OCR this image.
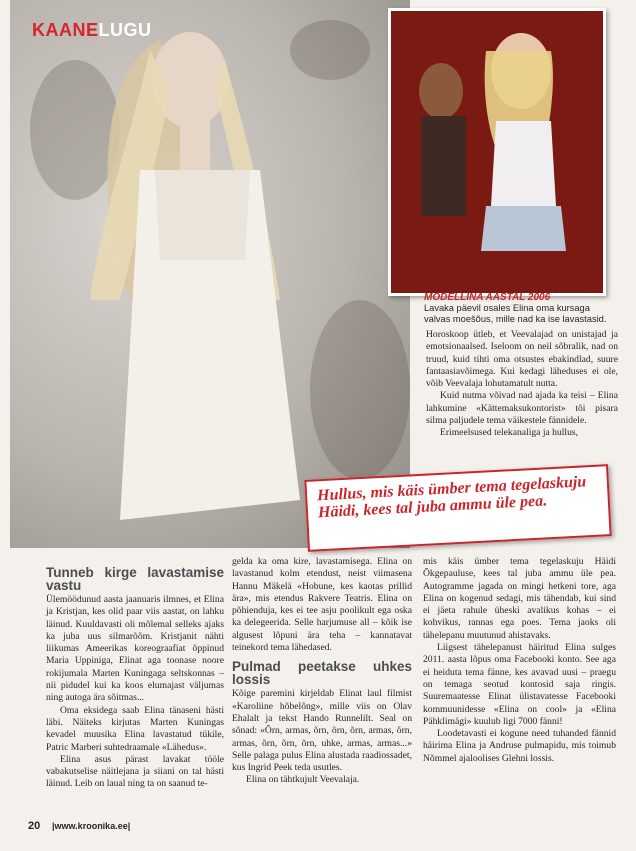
KAANELUGU
MODELLINA AASTAL 2006
Lavaka päevil osales Elina oma kursaga valvas moešõus, mille nad ka ise lavastasid.

Horoskoop ütleb, et Veevalajad on unistajad ja emotsionaalsed. Iseloom on neil sõbralik, nad on truud, kuid tihti oma otsustes ebakindlad, suure fantaasiavõimega. Kui kedagi läheduses ei ole, võib Veevalaja lohutamatult nutta.

Kuid nutma võivad nad ajada ka teisi – Elina lahkumine «Kättemaksukontorist» tõi pisara silma paljudele tema väikestele fännidele.

Erimeelsused telekanaliga ja hullus,

Hullus, mis käis ümber tema tegelaskuju Häidi, kees tal juba ammu üle pea.
Tunneb kirge lavastamise vastu

Ülemöödunud aasta jaanuaris ilmnes, et Elina ja Kristjan, kes olid paar viis aastat, on lahku läinud. Kuuldavasti oli mõlemal selleks ajaks ka juba uus silmarõõm. Kristjanit nähti liikumas Ameerikas koreograafiat õppinud Maria Uppiniga, Elinat aga toonase noore rokijumala Marten Kuningaga seltskonnas – nii pidudel kui ka koos elumajast väljumas ning autoga ära sõitmas...

Oma eksidega saab Elina tänaseni hästi läbi. Näiteks kirjutas Marten Kuningas kevadel muusika Elina lavastatud tükile, Patric Marberi suhtedraamale «Lähedus».

Elina asus pärast lavakat tööle vabakutselise näitlejana ja siiani on tal hästi läinud. Leib on laual ning ta on saanud te-

gelda ka oma kire, lavastamisega. Elina on lavastanud kolm etendust, neist viimasena Hannu Mäkelä «Hobune, kes kaotas prillid ära», mis etendus Rakvere Teatris. Elina on põhienduja, kes ei tee asju poolikult ega oska ka delegeerida. Selle harjumuse all – kõik ise algusest lõpuni ära teha – kannatavat teinekord tema lähedased.

Pulmad peetakse uhkes lossis

Kõige paremini kirjeldab Elinat laul filmist «Karoliine hõbelõng», mille viis on Olav Ehalalt ja tekst Hando Runnelilt. Seal on sõnad: «Õrn, armas, õrn, õrn, õrn, armas, õrn, armas, õrn, õrn, õrn, uhke, armas, armas...» Selle palaga pulus Elina alustada raadiossadet, kus Ingrid Peek teda usutles.

Elina on tähtkujult Veevalaja.

mis käis ümber tema tegelaskuju Häidi Õkgepauluse, kees tal juba ammu üle pea. Autogramme jagada on mingi hetkeni tore, aga Elina on kogenud sedagi, mis tähendab, kui sind ei jäeta rahule üheski avalikus kohas – ei kohvikus, rannas ega poes. Tema jaoks oli tähelepanu muutunud ahistavaks.

Liigsest tähelepanust häiritud Elina sulges 2011. aasta lõpus oma Facebooki konto. See aga ei heidutа tema fänne, kes avavad uusi – praegu on temaga seotud kontosid saja ringis. Suuremaatesse Elinat ülistavatesse Facebooki kommuunidesse «Elina on cool» ja «Elina Pähklimägi» kuulub ligi 7000 fänni!

Loodetavasti ei kogune need tuhanded fännid häirima Elina ja Andruse pulmapidu, mis toimub Nõmmel ajaloolises Glehni lossis.

20 |www.kroonika.ee|
